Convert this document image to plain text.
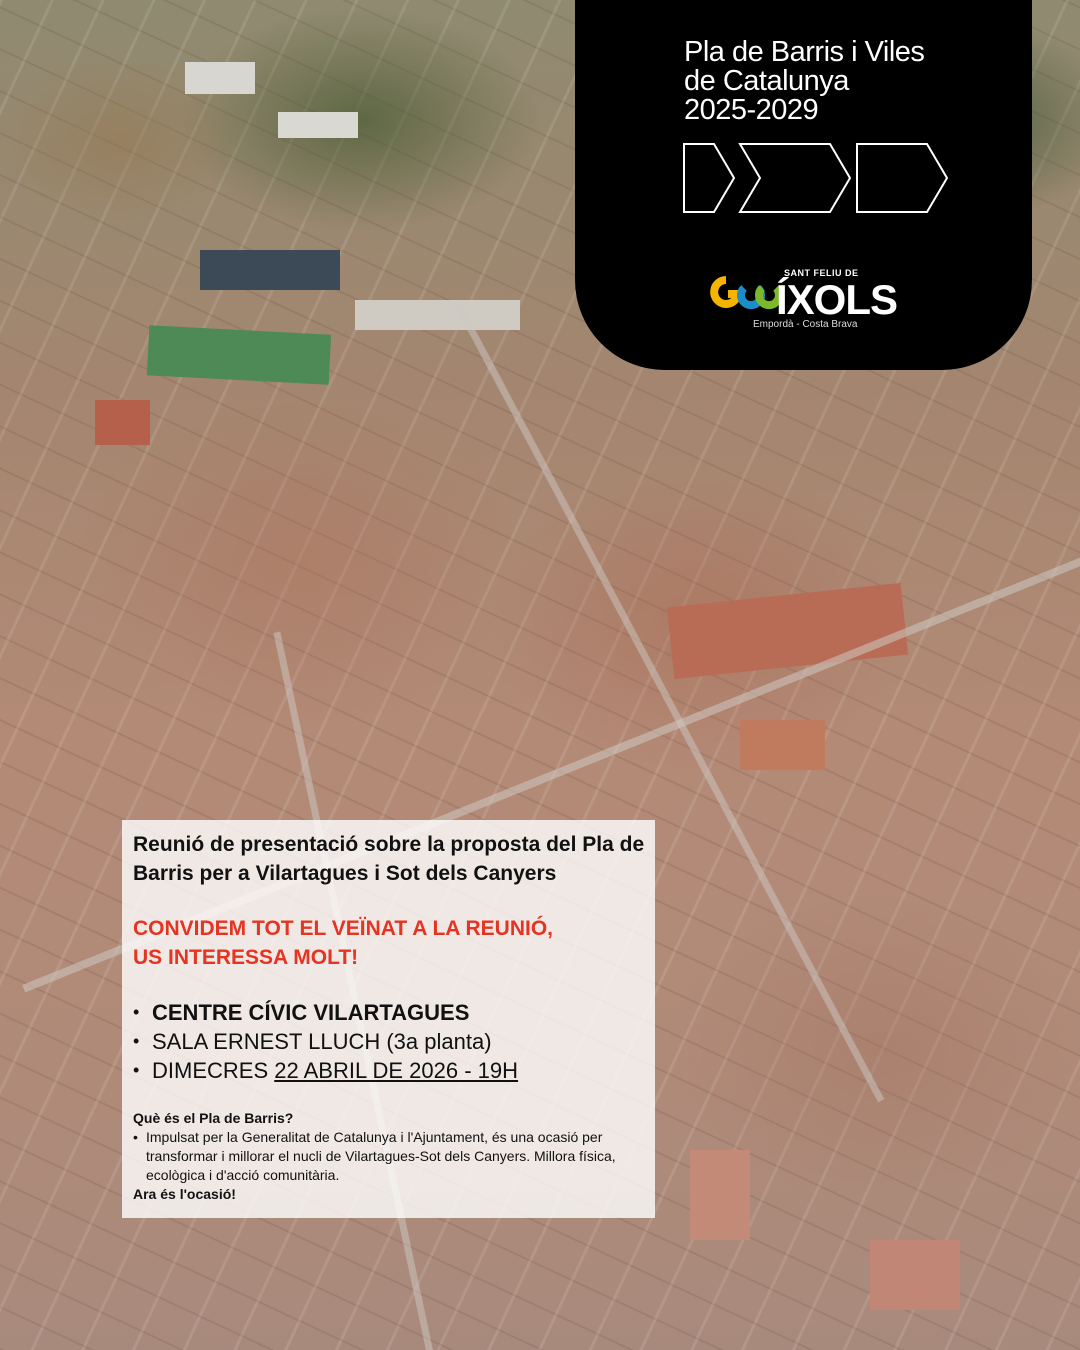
Pla de Barris i Viles
de Catalunya
2025-2029
SANT FELIU DE
ÍXOLS
Empordà - Costa Brava
Reunió de presentació sobre la proposta del Pla de Barris per a Vilartagues i Sot dels Canyers

CONVIDEM TOT EL VEÏNAT A LA REUNIÓ,
US INTERESSA MOLT!

• CENTRE CÍVIC VILARTAGUES
• SALA ERNEST LLUCH (3a planta)
• DIMECRES 22 ABRIL DE 2026 - 19H

Què és el Pla de Barris?

• Impulsat per la Generalitat de Catalunya i l'Ajuntament, és una ocasió per transformar i millorar el nucli de Vilartagues-Sot dels Canyers. Millora física, ecològica i d'acció comunitària.

Ara és l'ocasió!
